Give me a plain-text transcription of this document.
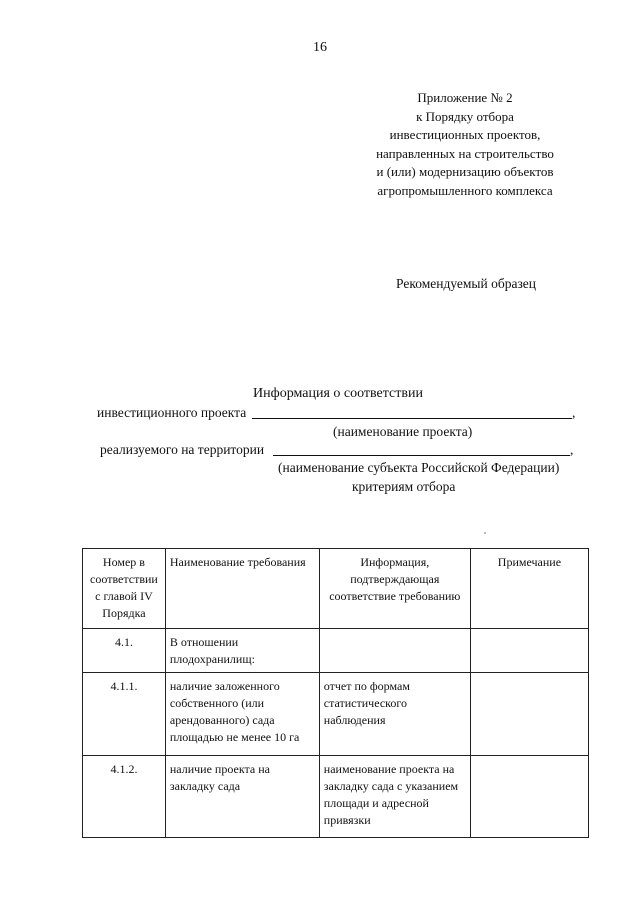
16
Приложение № 2
к Порядку отбора
инвестиционных проектов,
направленных на строительство
и (или) модернизацию объектов
агропромышленного комплекса
Рекомендуемый образец
Информация о соответствии
инвестиционного проекта	,
(наименование проекта)
реализуемого на территории	,
(наименование субъекта Российской Федерации)
критериям отбора
Номер в соответствии с главой IV Порядка	Наименование требования	Информация, подтверждающая соответствие требованию	Примечание
4.1.	В отношении плодохранилищ:		
4.1.1.	наличие заложенного собственного (или арендованного) сада площадью не менее 10 га	отчет по формам статистического наблюдения	
4.1.2.	наличие проекта на закладку сада	наименование проекта на закладку сада с указанием площади и адресной привязки	
